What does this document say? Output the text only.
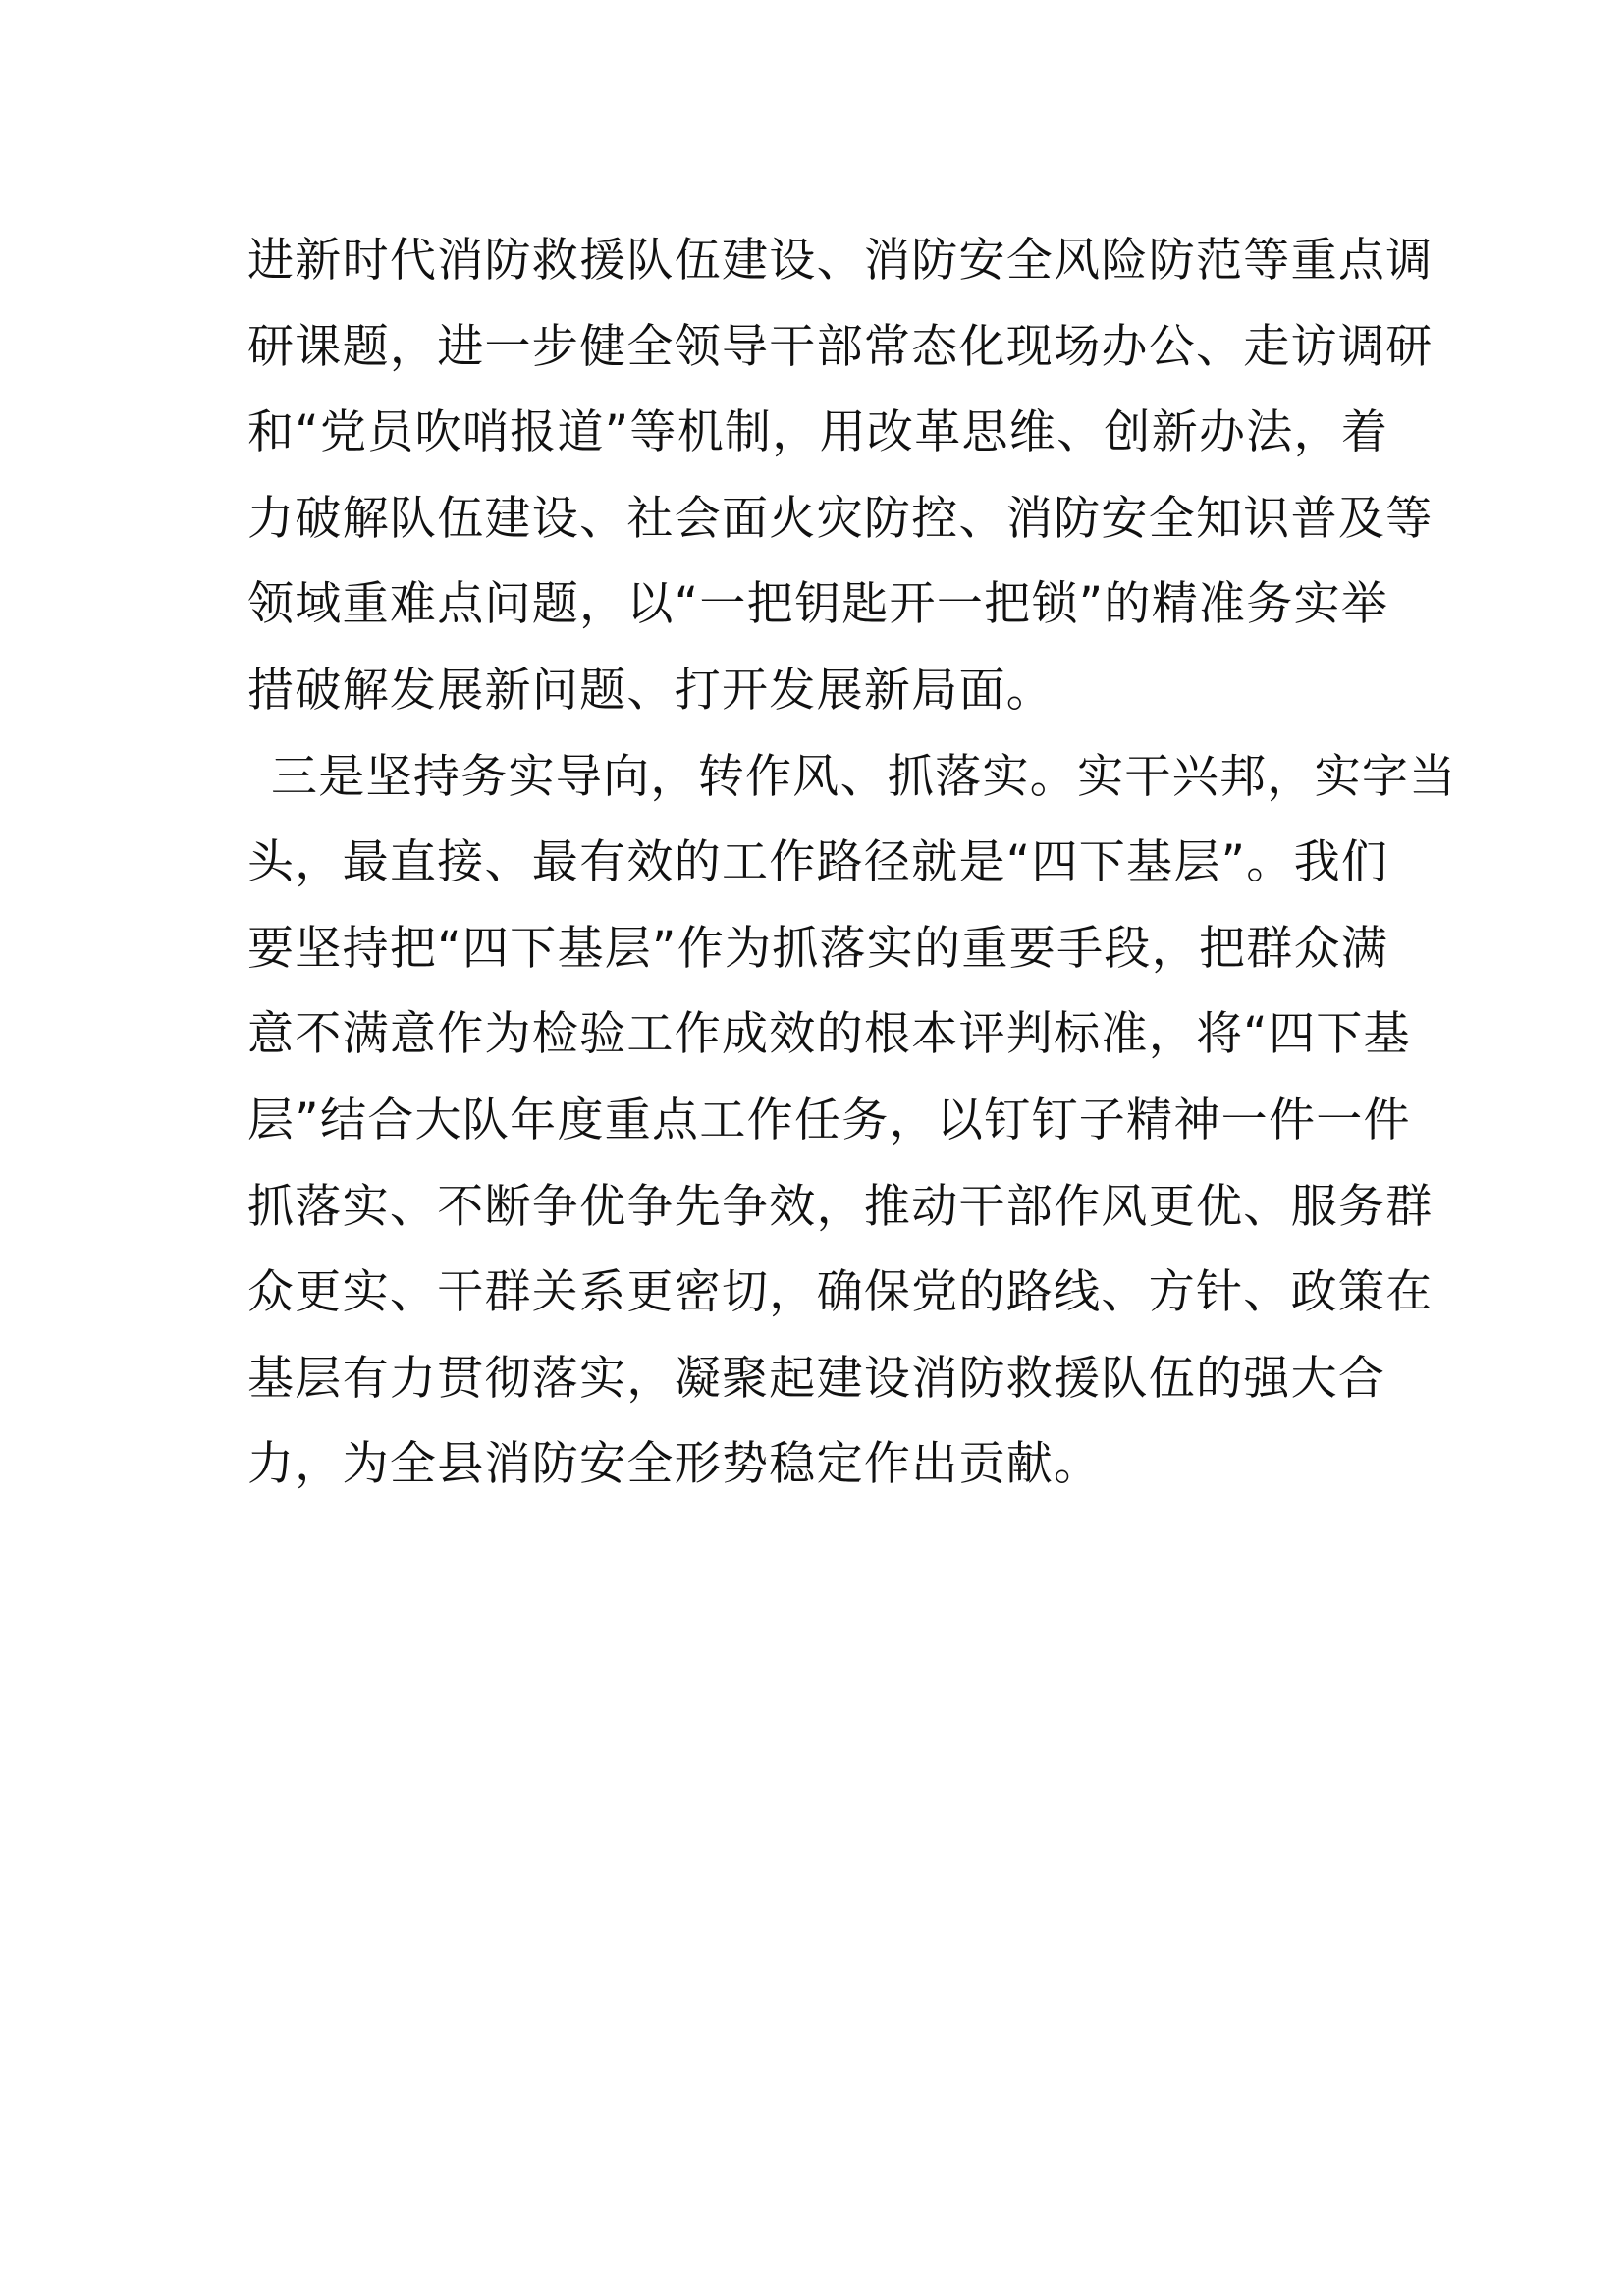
进新时代消防救援队伍建设、消防安全风险防范等重点调
研课题，进一步健全领导干部常态化现场办公、走访调研
和“党员吹哨报道”等机制，用改革思维、创新办法，着
力破解队伍建设、社会面火灾防控、消防安全知识普及等
领域重难点问题，以“一把钥匙开一把锁”的精准务实举
措破解发展新问题、打开发展新局面。
三是坚持务实导向，转作风、抓落实。实干兴邦，实字当
头，最直接、最有效的工作路径就是“四下基层”。我们
要坚持把“四下基层”作为抓落实的重要手段，把群众满
意不满意作为检验工作成效的根本评判标准，将“四下基
层”结合大队年度重点工作任务，以钉钉子精神一件一件
抓落实、不断争优争先争效，推动干部作风更优、服务群
众更实、干群关系更密切，确保党的路线、方针、政策在
基层有力贯彻落实，凝聚起建设消防救援队伍的强大合
力，为全县消防安全形势稳定作出贡献。
